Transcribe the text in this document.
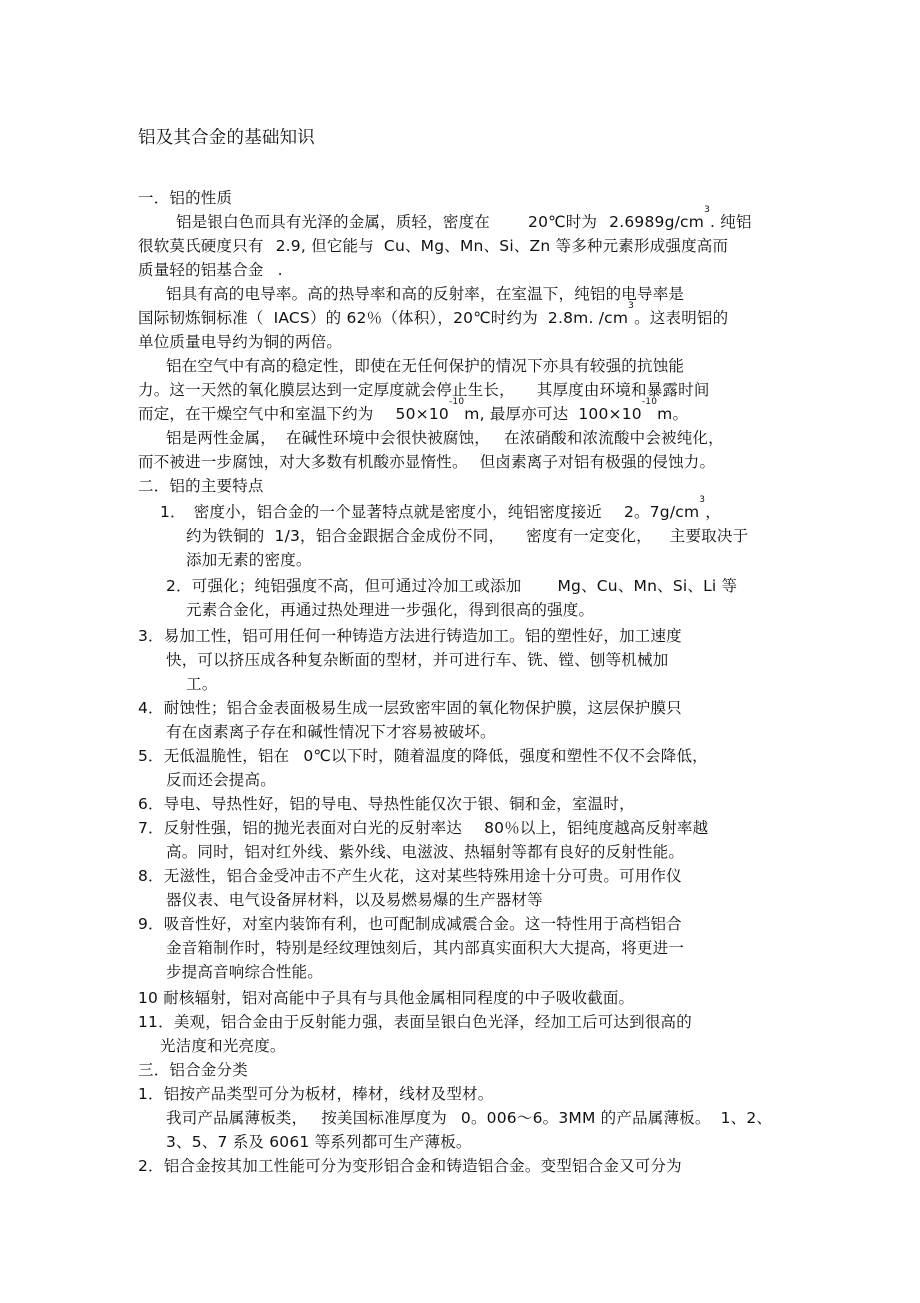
铝及其合金的基础知识
一．铝的性质
铝是银白色而具有光泽的金属，质轻，密度在 20℃时为 $2.6989g/cm^3$. 纯铝
很软莫氏硬度只有 2.9, 但它能与 Cu、Mg、Mn、Si、Zn 等多种元素形成强度高而
质量轻的铝基合金 .
铝具有高的电导率。高的热导率和高的反射率，在室温下，纯铝的电导率是
国际韧炼铜标准（ IACS）的 62％（体积），20℃时约为 2.8m. $/cm^3$。这表明铝的
单位质量电导约为铜的两倍。
铝在空气中有高的稳定性，即使在无任何保护的情况下亦具有较强的抗蚀能
力。这一天然的氧化膜层达到一定厚度就会停止生长， 其厚度由环境和暴露时间
而定，在干燥空气中和室温下约为 $50\times 10^{-10}m$, 最厚亦可达 $100\times 10^{-10}m$。
铝是两性金属， 在碱性环境中会很快被腐蚀， 在浓硝酸和浓流酸中会被纯化，
而不被进一步腐蚀，对大多数有机酸亦显惰性。 但卤素离子对铝有极强的侵蚀力。
二．铝的主要特点
1． 密度小，铝合金的一个显著特点就是密度小，纯铝密度接近 2。$7g/cm^3$，
约为铁铜的 1/3，铝合金跟据合金成份不同， 密度有一定变化， 主要取决于
添加无素的密度。
2．可强化；纯铝强度不高，但可通过冷加工或添加 Mg、Cu、Mn、Si、Li 等
元素合金化，再通过热处理进一步强化，得到很高的强度。
3．易加工性，铝可用任何一种铸造方法进行铸造加工。铝的塑性好，加工速度
快，可以挤压成各种复杂断面的型材，并可进行车、铣、镗、刨等机械加
工。
4．耐蚀性；铝合金表面极易生成一层致密牢固的氧化物保护膜，这层保护膜只
有在卤素离子存在和碱性情况下才容易被破坏。
5．无低温脆性，铝在 0℃以下时，随着温度的降低，强度和塑性不仅不会降低，
反而还会提高。
6．导电、导热性好，铝的导电、导热性能仅次于银、铜和金，室温时，
7．反射性强，铝的抛光表面对白光的反射率达 80％以上，铝纯度越高反射率越
高。同时，铝对红外线、紫外线、电滋波、热辐射等都有良好的反射性能。
8．无滋性，铝合金受冲击不产生火花，这对某些特殊用途十分可贵。可用作仪
器仪表、电气设备屏材料，以及易燃易爆的生产器材等
9．吸音性好，对室内装饰有利，也可配制成减震合金。这一特性用于高档铝合
金音箱制作时，特别是经纹理蚀刻后，其内部真实面积大大提高，将更进一
步提高音响综合性能。
10 耐核辐射，铝对高能中子具有与具他金属相同程度的中子吸收截面。
11．美观，铝合金由于反射能力强，表面呈银白色光泽，经加工后可达到很高的
光洁度和光亮度。
三．铝合金分类
1．铝按产品类型可分为板材，棒材，线材及型材。
我司产品属薄板类， 按美国标准厚度为 0。006～6。3MM 的产品属薄板。 1、2、
3、5、7 系及 6061 等系列都可生产薄板。
2．铝合金按其加工性能可分为变形铝合金和铸造铝合金。变型铝合金又可分为
